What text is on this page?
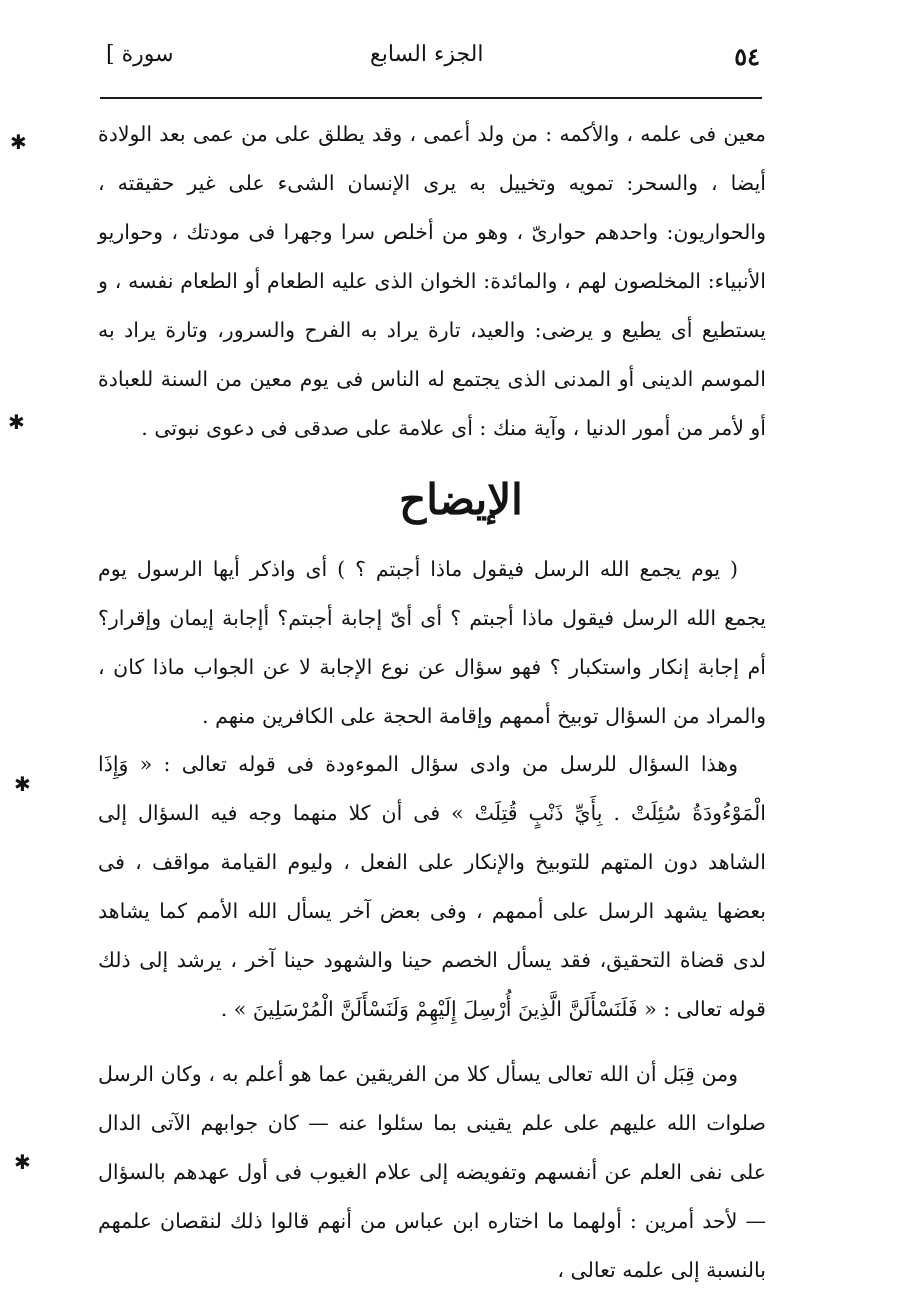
٥٤
الجزء السابع
[ سورة
معين فى علمه ، والأكمه : من ولد أعمى ، وقد يطلق على من عمى بعد الولادة أيضا ، والسحر: تمويه وتخييل به يرى الإنسان الشىء على غير حقيقته ، والحواريون: واحدهم حوارىّ ، وهو من أخلص سرا وجهرا فى مودتك ، وحواريو الأنبياء: المخلصون لهم ، والمائدة: الخوان الذى عليه الطعام أو الطعام نفسه ، و يستطيع أى يطيع و يرضى: والعيد، تارة يراد به الفرح والسرور، وتارة يراد به الموسم الدينى أو المدنى الذى يجتمع له الناس فى يوم معين من السنة للعبادة أو لأمر من أمور الدنيا ، وآية منك : أى علامة على صدقى فى دعوى نبوتى .
الإيضاح
( يوم يجمع الله الرسل فيقول ماذا أجبتم ؟ ) أى واذكر أيها الرسول يوم يجمع الله الرسل فيقول ماذا أجبتم ؟ أى أىّ إجابة أجبتم؟ أإجابة إيمان وإقرار؟ أم إجابة إنكار واستكبار ؟ فهو سؤال عن نوع الإجابة لا عن الجواب ماذا كان ، والمراد من السؤال توبيخ أممهم وإقامة الحجة على الكافرين منهم .
وهذا السؤال للرسل من وادى سؤال الموءودة فى قوله تعالى : « وَإِذَا الْمَوْءُودَةُ سُئِلَتْ . بِأَيِّ ذَنْبٍ قُتِلَتْ » فى أن كلا منهما وجه فيه السؤال إلى الشاهد دون المتهم للتوبيخ والإنكار على الفعل ، وليوم القيامة مواقف ، فى بعضها يشهد الرسل على أممهم ، وفى بعض آخر يسأل الله الأمم كما يشاهد لدى قضاة التحقيق، فقد يسأل الخصم حينا والشهود حينا آخر ، يرشد إلى ذلك قوله تعالى : « فَلَنَسْأَلَنَّ الَّذِينَ أُرْسِلَ إِلَيْهِمْ وَلَنَسْأَلَنَّ الْمُرْسَلِينَ » .
ومن قِبَل أن الله تعالى يسأل كلا من الفريقين عما هو أعلم به ، وكان الرسل صلوات الله عليهم على علم يقينى بما سئلوا عنه — كان جوابهم الآتى الدال على نفى العلم عن أنفسهم وتفويضه إلى علام الغيوب فى أول عهدهم بالسؤال — لأحد أمرين : أولهما ما اختاره ابن عباس من أنهم قالوا ذلك لنقصان علمهم بالنسبة إلى علمه تعالى ،
✱
✱
✱
✱
